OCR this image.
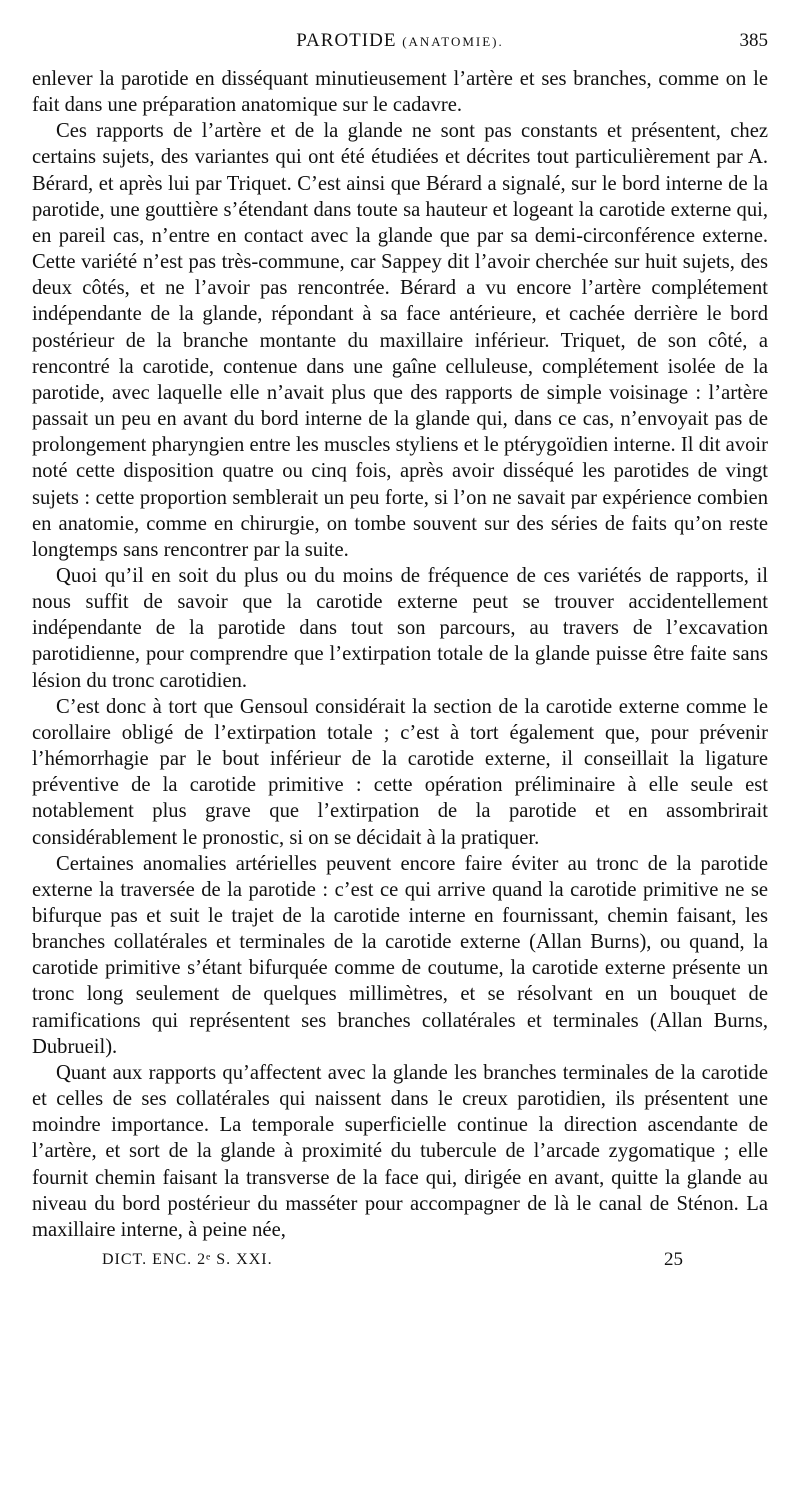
PAROTIDE (ANATOMIE).	385

enlever la parotide en disséquant minutieusement l’artère et ses branches, comme on le fait dans une préparation anatomique sur le cadavre.

Ces rapports de l’artère et de la glande ne sont pas constants et présentent, chez certains sujets, des variantes qui ont été étudiées et décrites tout particulièrement par A. Bérard, et après lui par Triquet. C’est ainsi que Bérard a signalé, sur le bord interne de la parotide, une gouttière s’étendant dans toute sa hauteur et logeant la carotide externe qui, en pareil cas, n’entre en contact avec la glande que par sa demi-circonférence externe. Cette variété n’est pas très-commune, car Sappey dit l’avoir cherchée sur huit sujets, des deux côtés, et ne l’avoir pas rencontrée. Bérard a vu encore l’artère complétement indépendante de la glande, répondant à sa face antérieure, et cachée derrière le bord postérieur de la branche montante du maxillaire inférieur. Triquet, de son côté, a rencontré la carotide, contenue dans une gaîne celluleuse, complétement isolée de la parotide, avec laquelle elle n’avait plus que des rapports de simple voisinage : l’artère passait un peu en avant du bord interne de la glande qui, dans ce cas, n’envoyait pas de prolongement pharyngien entre les muscles styliens et le ptérygoïdien interne. Il dit avoir noté cette disposition quatre ou cinq fois, après avoir disséqué les parotides de vingt sujets : cette proportion semblerait un peu forte, si l’on ne savait par expérience combien en anatomie, comme en chirurgie, on tombe souvent sur des séries de faits qu’on reste longtemps sans rencontrer par la suite.

Quoi qu’il en soit du plus ou du moins de fréquence de ces variétés de rapports, il nous suffit de savoir que la carotide externe peut se trouver accidentellement indépendante de la parotide dans tout son parcours, au travers de l’excavation parotidienne, pour comprendre que l’extirpation totale de la glande puisse être faite sans lésion du tronc carotidien.

C’est donc à tort que Gensoul considérait la section de la carotide externe comme le corollaire obligé de l’extirpation totale ; c’est à tort également que, pour prévenir l’hémorrhagie par le bout inférieur de la carotide externe, il conseillait la ligature préventive de la carotide primitive : cette opération préliminaire à elle seule est notablement plus grave que l’extirpation de la parotide et en assombrirait considérablement le pronostic, si on se décidait à la pratiquer.

Certaines anomalies artérielles peuvent encore faire éviter au tronc de la parotide externe la traversée de la parotide : c’est ce qui arrive quand la carotide primitive ne se bifurque pas et suit le trajet de la carotide interne en fournissant, chemin faisant, les branches collatérales et terminales de la carotide externe (Allan Burns), ou quand, la carotide primitive s’étant bifurquée comme de coutume, la carotide externe présente un tronc long seulement de quelques millimètres, et se résolvant en un bouquet de ramifications qui représentent ses branches collatérales et terminales (Allan Burns, Dubrueil).

Quant aux rapports qu’affectent avec la glande les branches terminales de la carotide et celles de ses collatérales qui naissent dans le creux parotidien, ils présentent une moindre importance. La temporale superficielle continue la direction ascendante de l’artère, et sort de la glande à proximité du tubercule de l’arcade zygomatique ; elle fournit chemin faisant la transverse de la face qui, dirigée en avant, quitte la glande au niveau du bord postérieur du masséter pour accompagner de là le canal de Sténon. La maxillaire interne, à peine née,

DICT. ENC. 2ᵉ S. XXI.	25
